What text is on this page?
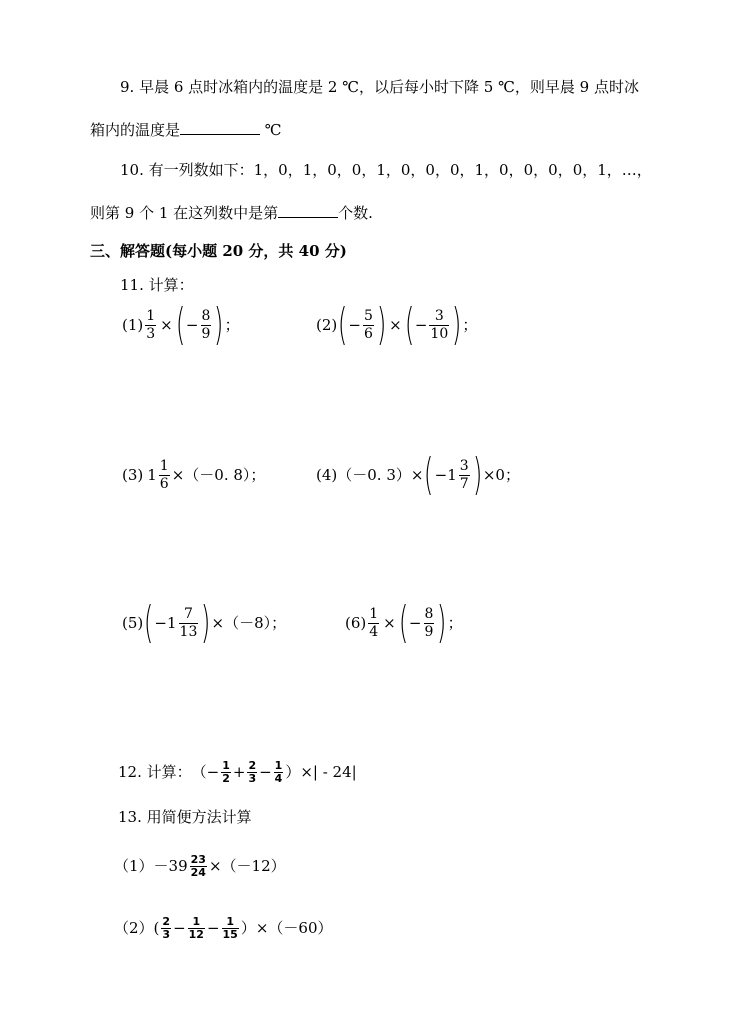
9. 早晨 6 点时冰箱内的温度是 2 ℃，以后每小时下降 5 ℃，则早晨 9 点时冰
箱内的温度是	℃
10. 有一列数如下：1，0，1，0，0，1，0，0，0，1，0，0，0，0，1，…，
则第 9 个 1 在这列数中是第	个数.
三、解答题(每小题 20 分，共 40 分)
11. 计算：
$(1) \frac{1}{3}$ × ( − $\frac{8}{9}$ ) ；	(2) ( − $\frac{5}{6}$ ) × ( − $\frac{3}{10}$ ) ；
(3) $1 \frac{1}{6} \times(-0$. 8）；	(4) （－0. 3）× ( $-1 \frac{3}{7}$ ) ×0；
(5) ( $-1 \frac{7}{13}$ ) ×（－8）；	$(6) \frac{1}{4}$ × ( − $\frac{8}{9}$ ) ；
12. 计算： （− $\frac{1}{2} + \frac{2}{3} - \frac{1}{4}$ ）×| - 24|
13. 用简便方法计算
$(1) -39 \frac{23}{24} \times(-12)$
$(2)( \frac{2}{3} - \frac{1}{12} - \frac{1}{15} )\times(-60)$
